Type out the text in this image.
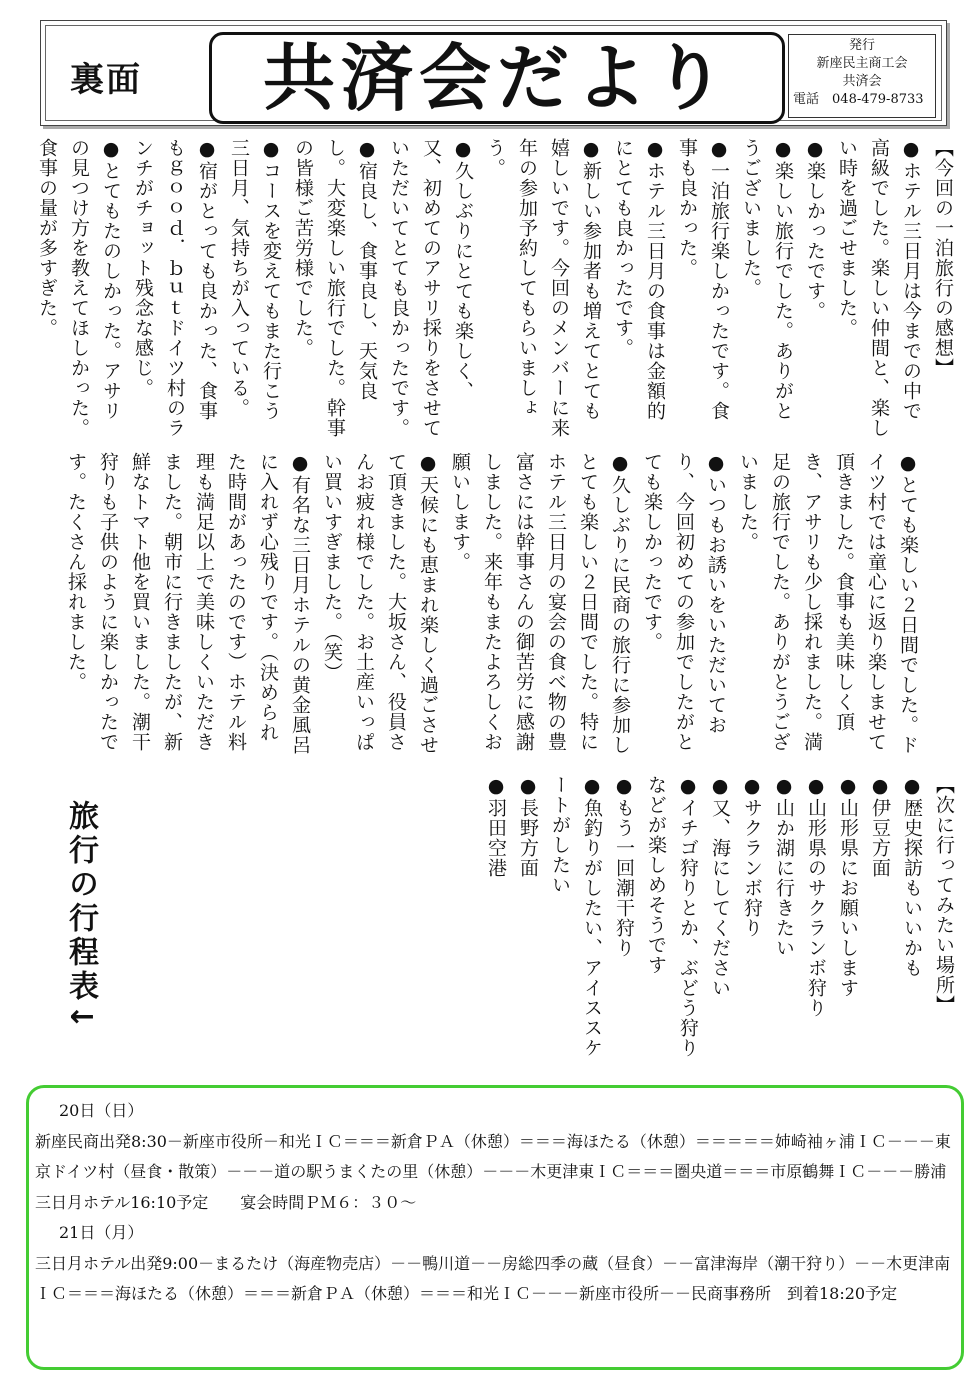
裏面	共済会だより	発行
新座民主商工会
共済会
電話　 048-479-8733
【今回の一泊旅行の感想】
●ホテル三日月は今までの中で高級でした。楽しい仲間と、楽しい時を過ごせました。
●楽しかったです。
●楽しい旅行でした。ありがとうございました。
●一泊旅行楽しかったです。食事も良かった。
●ホテル三日月の食事は金額的にとても良かったです。
●新しい参加者も増えてとても嬉しいです。今回のメンバーに来年の参加予約してもらいましょう。
●久しぶりにとても楽しく、又、初めてのアサリ採りをさせていただいてとても良かったです。
●宿良し、食事良し、天気良し。大変楽しい旅行でした。幹事の皆様ご苦労様でした。
●コースを変えてもまた行こう三日月、気持ちが入っている。
●宿がとっても良かった、食事もｇｏｏｄ．ｂｕｔドイツ村のランチがチョット残念な感じ。
●とてもたのしかった。アサリの見つけ方を教えてほしかった。食事の量が多すぎた。
●とても楽しい２日間でした。ドイツ村では童心に返り楽しませて頂きました。食事も美味しく頂き、アサリも少し採れました。満足の旅行でした。ありがとうございました。
●いつもお誘いをいただいており、今回初めての参加でしたがとても楽しかったです。
●久しぶりに民商の旅行に参加しとても楽しい２日間でした。特にホテル三日月の宴会の食べ物の豊富さには幹事さんの御苦労に感謝しました。来年もまたよろしくお願いします。
●天候にも恵まれ楽しく過ごさせて頂きました。大坂さん、役員さんお疲れ様でした。お土産いっぱい買いすぎました。（笑）
●有名な三日月ホテルの黄金風呂に入れず心残りです。（決められた時間があったのです）ホテル料理も満足以上で美味しくいただきました。朝市に行きましたが、新鮮なトマト他を買いました。潮干狩りも子供のように楽しかったです。たくさん採れました。
【次に行ってみたい場所】
●歴史探訪もいいかも
●伊豆方面
●山形県にお願いします
●山形県のサクランボ狩り
●山か湖に行きたい
●サクランボ狩り
●又、海にしてください
●イチゴ狩りとか、ぶどう狩りなどが楽しめそうです
●もう一回潮干狩り
●魚釣りがしたい、アイススケートがしたい
●長野方面
●羽田空港
旅行の行程表↓

20日（日）

新座民商出発8:30－新座市役所－和光ＩＣ＝＝＝新倉ＰＡ（休憩）＝＝＝海ほたる（休憩）＝＝＝＝＝姉崎袖ヶ浦ＩＣ－－－東京ドイツ村（昼食・散策）－－－道の駅うまくたの里（休憩）－－－木更津東ＩＣ＝＝＝圏央道＝＝＝市原鶴舞ＩＣ－－－勝浦三日月ホテル16:10予定　　宴会時間ＰＭ６：３０～

21日（月）

三日月ホテル出発9:00－まるたけ（海産物売店）－－鴨川道－－房総四季の蔵（昼食）－－富津海岸（潮干狩り）－－木更津南ＩＣ＝＝＝海ほたる（休憩）＝＝＝新倉ＰＡ（休憩）＝＝＝和光ＩＣ－－－新座市役所－－民商事務所　到着18:20予定
